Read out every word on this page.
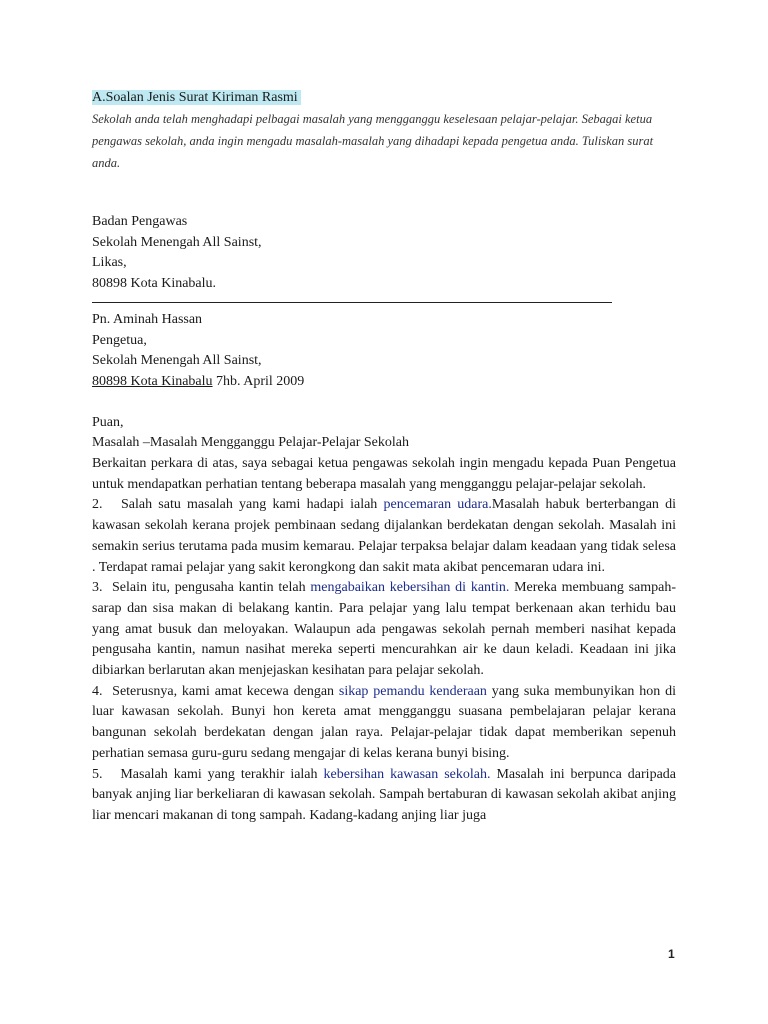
A.Soalan Jenis Surat Kiriman Rasmi
Sekolah anda telah menghadapi pelbagai masalah yang mengganggu keselesaan pelajar-pelajar. Sebagai ketua pengawas sekolah, anda ingin mengadu masalah-masalah yang dihadapi kepada pengetua anda. Tuliskan surat anda.
Badan Pengawas
Sekolah Menengah All Sainst,
Likas,
80898 Kota Kinabalu.
Pn. Aminah Hassan
Pengetua,
Sekolah Menengah All Sainst,
80898 Kota Kinabalu 7hb. April 2009
Puan,
Masalah –Masalah Mengganggu Pelajar-Pelajar Sekolah
Berkaitan perkara di atas, saya sebagai ketua pengawas sekolah ingin mengadu kepada Puan Pengetua untuk mendapatkan perhatian tentang beberapa masalah yang mengganggu pelajar-pelajar sekolah.
2.   Salah satu masalah yang kami hadapi ialah pencemaran udara.Masalah habuk berterbangan di kawasan sekolah kerana projek pembinaan sedang dijalankan berdekatan dengan sekolah. Masalah ini semakin serius terutama pada musim kemarau. Pelajar terpaksa belajar dalam keadaan yang tidak selesa . Terdapat ramai pelajar yang sakit kerongkong dan sakit mata akibat pencemaran udara ini.
3.  Selain itu, pengusaha kantin telah mengabaikan kebersihan di kantin. Mereka membuang sampah- sarap dan sisa makan di belakang kantin. Para pelajar yang lalu tempat berkenaan akan terhidu bau yang amat busuk dan meloyakan. Walaupun ada pengawas sekolah pernah memberi nasihat kepada pengusaha kantin, namun nasihat mereka seperti mencurahkan air ke daun keladi. Keadaan ini jika dibiarkan berlarutan akan menjejaskan kesihatan para pelajar sekolah.
4.  Seterusnya, kami amat kecewa dengan sikap pemandu kenderaan yang suka membunyikan hon di luar kawasan sekolah. Bunyi hon kereta amat mengganggu suasana pembelajaran pelajar kerana bangunan sekolah berdekatan dengan jalan raya. Pelajar-pelajar tidak dapat memberikan sepenuh perhatian semasa guru-guru sedang mengajar di kelas kerana bunyi bising.
5.   Masalah kami yang terakhir ialah kebersihan kawasan sekolah. Masalah ini berpunca daripada banyak anjing liar berkeliaran di kawasan sekolah. Sampah bertaburan di kawasan sekolah akibat anjing liar mencari makanan di tong sampah. Kadang-kadang anjing liar juga
1
